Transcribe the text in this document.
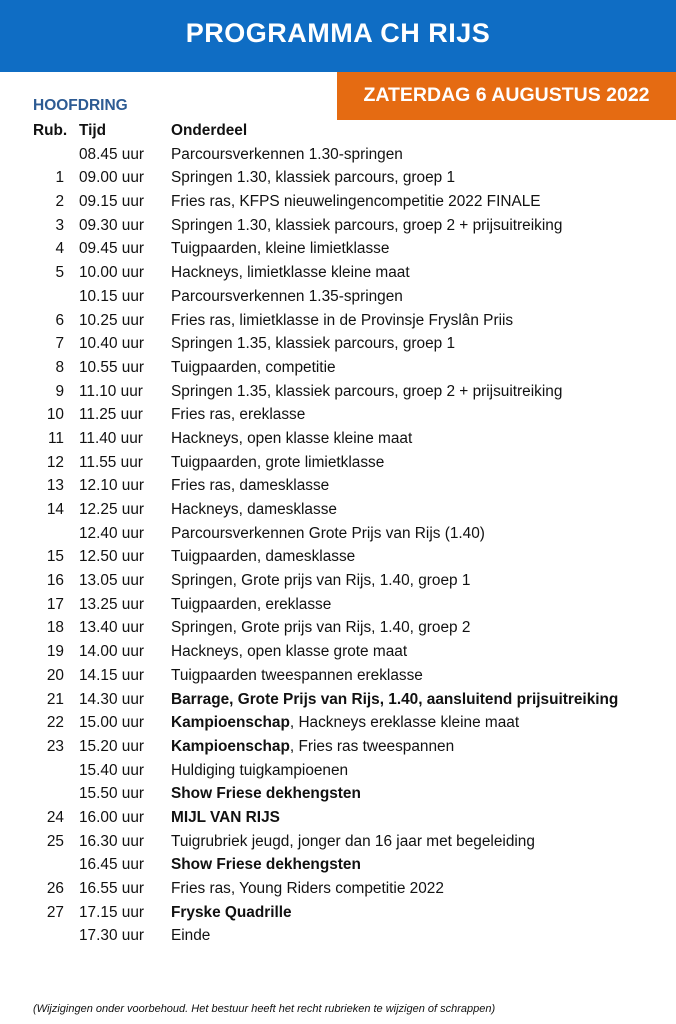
PROGRAMMA CH RIJS
ZATERDAG 6 AUGUSTUS 2022
HOOFDRING
Rub. Tijd	Onderdeel
08.45 uur Parcoursverkennen 1.30-springen
1 09.00 uur Springen 1.30, klassiek parcours, groep 1
2 09.15 uur Fries ras, KFPS nieuwelingencompetitie 2022 FINALE
3 09.30 uur Springen 1.30, klassiek parcours, groep 2 + prijsuitreiking
4 09.45 uur Tuigpaarden, kleine limietklasse
5 10.00 uur Hackneys, limietklasse kleine maat
10.15 uur Parcoursverkennen 1.35-springen
6 10.25 uur Fries ras, limietklasse in de Provinsje Fryslân Priis
7 10.40 uur Springen 1.35, klassiek parcours, groep 1
8 10.55 uur Tuigpaarden, competitie
9 11.10 uur Springen 1.35, klassiek parcours, groep 2 + prijsuitreiking
10 11.25 uur Fries ras, ereklasse
11 11.40 uur Hackneys, open klasse kleine maat
12 11.55 uur Tuigpaarden, grote limietklasse
13 12.10 uur Fries ras, damesklasse
14 12.25 uur Hackneys, damesklasse
12.40 uur Parcoursverkennen Grote Prijs van Rijs (1.40)
15 12.50 uur Tuigpaarden, damesklasse
16 13.05 uur Springen, Grote prijs van Rijs, 1.40, groep 1
17 13.25 uur Tuigpaarden, ereklasse
18 13.40 uur Springen, Grote prijs van Rijs, 1.40, groep 2
19 14.00 uur Hackneys, open klasse grote maat
20 14.15 uur Tuigpaarden tweespannen ereklasse
21 14.30 uur Barrage, Grote Prijs van Rijs, 1.40, aansluitend prijsuitreiking
22 15.00 uur Kampioenschap, Hackneys ereklasse kleine maat
23 15.20 uur Kampioenschap, Fries ras tweespannen
15.40 uur Huldiging tuigkampioenen
15.50 uur Show Friese dekhengsten
24 16.00 uur MIJL VAN RIJS
25 16.30 uur Tuigrubriek jeugd, jonger dan 16 jaar met begeleiding
16.45 uur Show Friese dekhengsten
26 16.55 uur Fries ras, Young Riders competitie 2022
27 17.15 uur Fryske Quadrille
17.30 uur Einde
(Wijzigingen onder voorbehoud. Het bestuur heeft het recht rubrieken te wijzigen of schrappen)
